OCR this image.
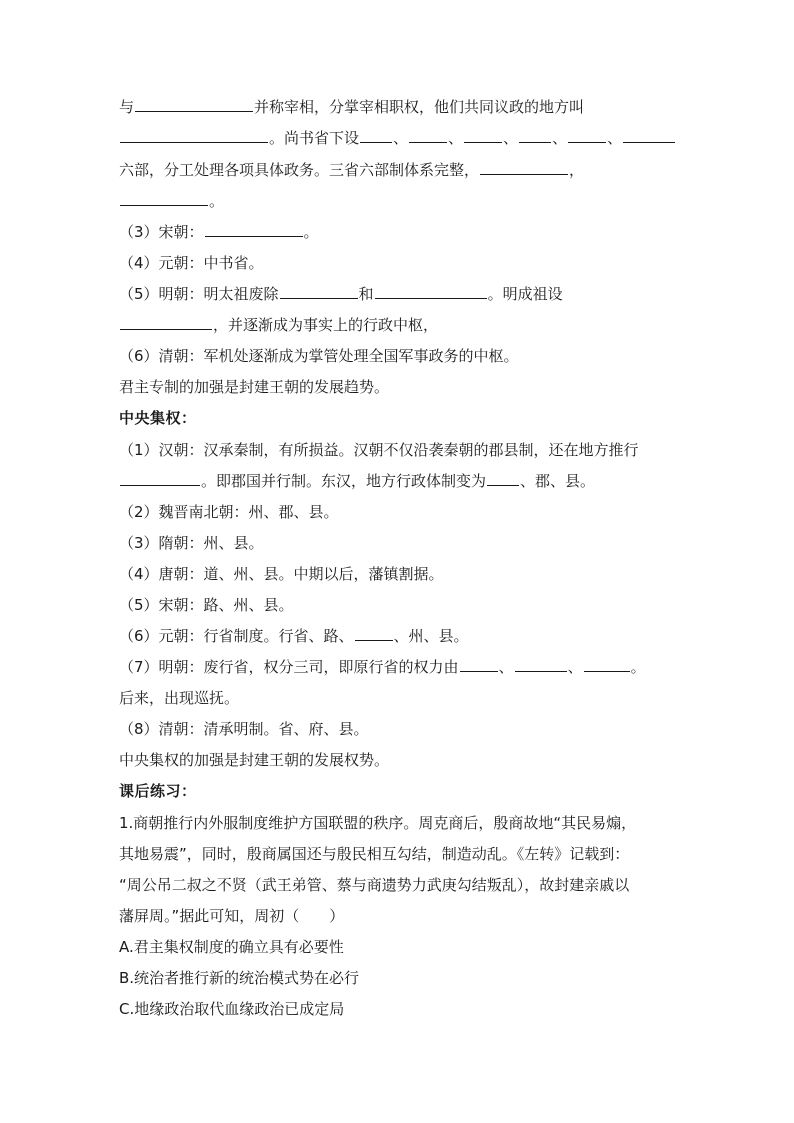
与	并称宰相，分掌宰相职权，他们共同议政的地方叫
。尚书省下设 、	、	、 、	、
六部，分工处理各项具体政务。三省六部制体系完整，	，
。
（3）宋朝：	。
（4）元朝：中书省。
（5）明朝：明太祖废除	和	。明成祖设
，并逐渐成为事实上的行政中枢，
（6）清朝：军机处逐渐成为掌管处理全国军事政务的中枢。
君主专制的加强是封建王朝的发展趋势。
中央集权：
（1）汉朝：汉承秦制，有所损益。汉朝不仅沿袭秦朝的郡县制，还在地方推行
。即郡国并行制。东汉，地方行政体制变为 、郡、县。
（2）魏晋南北朝：州、郡、县。
（3）隋朝：州、县。
（4）唐朝：道、州、县。中期以后，藩镇割据。
（5）宋朝：路、州、县。
（6）元朝：行省制度。行省、路、	、州、县。
（7）明朝：废行省，权分三司，即原行省的权力由	、	、	。
后来，出现巡抚。
（8）清朝：清承明制。省、府、县。
中央集权的加强是封建王朝的发展权势。
课后练习：
1.商朝推行内外服制度维护方国联盟的秩序。周克商后，殷商故地“其民易煽，
其地易震”，同时，殷商属国还与殷民相互勾结，制造动乱。《左转》记载到：
“周公吊二叔之不贤（武王弟管、蔡与商遗势力武庚勾结叛乱），故封建亲戚以
藩屏周。”据此可知，周初（　　）
A.君主集权制度的确立具有必要性
B.统治者推行新的统治模式势在必行
C.地缘政治取代血缘政治已成定局
